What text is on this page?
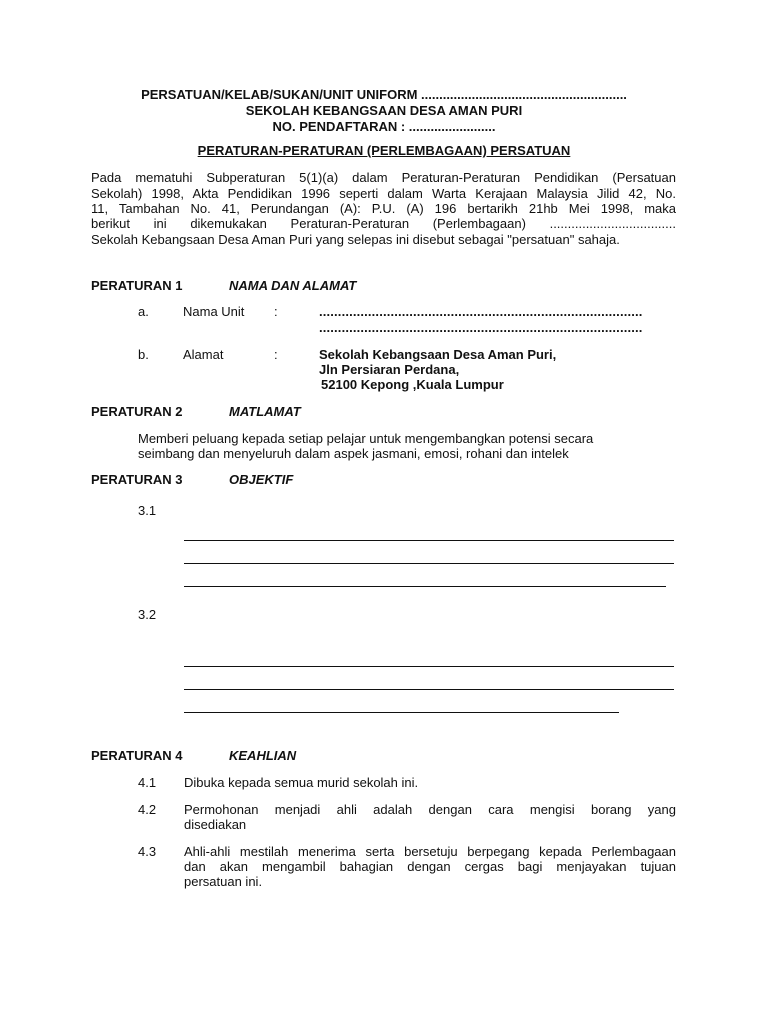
PERSATUAN/KELAB/SUKAN/UNIT UNIFORM .........................................................
SEKOLAH KEBANGSAAN DESA AMAN PURI
NO. PENDAFTARAN : ........................
PERATURAN-PERATURAN (PERLEMBAGAAN) PERSATUAN
Pada mematuhi Subperaturan 5(1)(a) dalam Peraturan-Peraturan Pendidikan (Persatuan
Sekolah) 1998, Akta Pendidikan 1996 seperti dalam Warta Kerajaan Malaysia Jilid 42, No.
11, Tambahan No. 41, Perundangan (A): P.U. (A) 196 bertarikh 21hb Mei 1998, maka
berikut ini dikemukakan Peraturan-Peraturan (Perlembagaan) ...................................
Sekolah Kebangsaan Desa Aman Puri yang selepas ini disebut sebagai "persatuan" sahaja.
PERATURAN 1	NAMA DAN ALAMAT
a.	Nama Unit :	......................................................................................
......................................................................................
b.	Alamat	:	Sekolah Kebangsaan Desa Aman Puri,
Jln Persiaran Perdana,
52100 Kepong ,Kuala Lumpur
PERATURAN 2	MATLAMAT
Memberi peluang kepada setiap pelajar untuk mengembangkan potensi secara
seimbang dan menyeluruh dalam aspek jasmani, emosi, rohani dan intelek
PERATURAN 3	OBJEKTIF
3.1
3.2
PERATURAN 4	KEAHLIAN
4.1 Dibuka kepada semua murid sekolah ini.
4.2 Permohonan menjadi ahli adalah dengan cara mengisi borang yang
disediakan
4.3 Ahli-ahli mestilah menerima serta bersetuju berpegang kepada Perlembagaan
dan akan mengambil bahagian dengan cergas bagi menjayakan tujuan
persatuan ini.
